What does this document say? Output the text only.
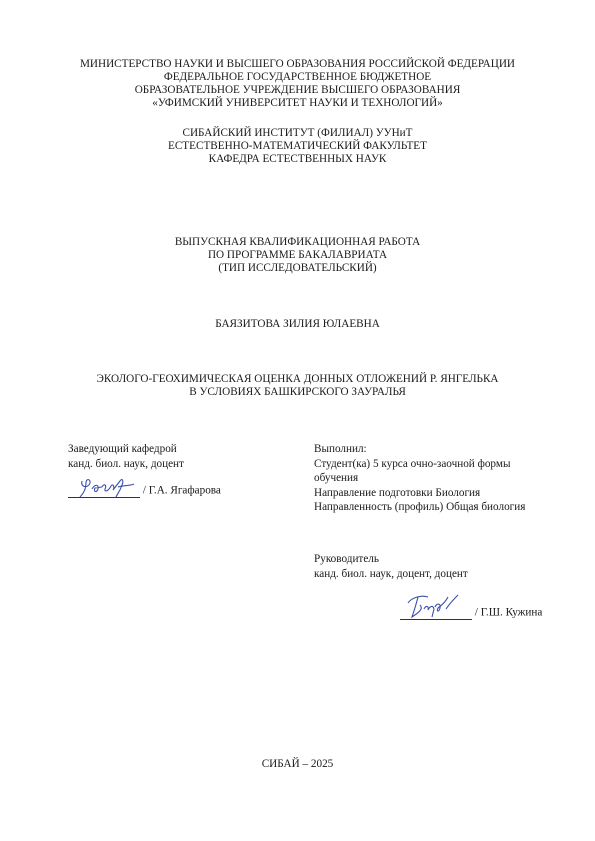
МИНИСТЕРСТВО НАУКИ И ВЫСШЕГО ОБРАЗОВАНИЯ РОССИЙСКОЙ ФЕДЕРАЦИИ
ФЕДЕРАЛЬНОЕ ГОСУДАРСТВЕННОЕ БЮДЖЕТНОЕ
ОБРАЗОВАТЕЛЬНОЕ УЧРЕЖДЕНИЕ ВЫСШЕГО ОБРАЗОВАНИЯ
«УФИМСКИЙ УНИВЕРСИТЕТ НАУКИ И ТЕХНОЛОГИЙ»
СИБАЙСКИЙ ИНСТИТУТ (ФИЛИАЛ) УУНиТ
ЕСТЕСТВЕННО-МАТЕМАТИЧЕСКИЙ ФАКУЛЬТЕТ
КАФЕДРА ЕСТЕСТВЕННЫХ НАУК
ВЫПУСКНАЯ КВАЛИФИКАЦИОННАЯ РАБОТА
ПО ПРОГРАММЕ БАКАЛАВРИАТА
(ТИП ИССЛЕДОВАТЕЛЬСКИЙ)
БАЯЗИТОВА ЗИЛИЯ ЮЛАЕВНА
ЭКОЛОГО-ГЕОХИМИЧЕСКАЯ ОЦЕНКА ДОННЫХ ОТЛОЖЕНИЙ Р. ЯНГЕЛЬКА
В УСЛОВИЯХ БАШКИРСКОГО ЗАУРАЛЬЯ
Заведующий кафедрой
канд. биол. наук, доцент
/ Г.А. Ягафарова
Выполнил:
Студент(ка) 5 курса очно-заочной формы
обучения
Направление подготовки Биология
Направленность (профиль) Общая биология
Руководитель
канд. биол. наук, доцент, доцент
/ Г.Ш. Кужина
СИБАЙ – 2025
